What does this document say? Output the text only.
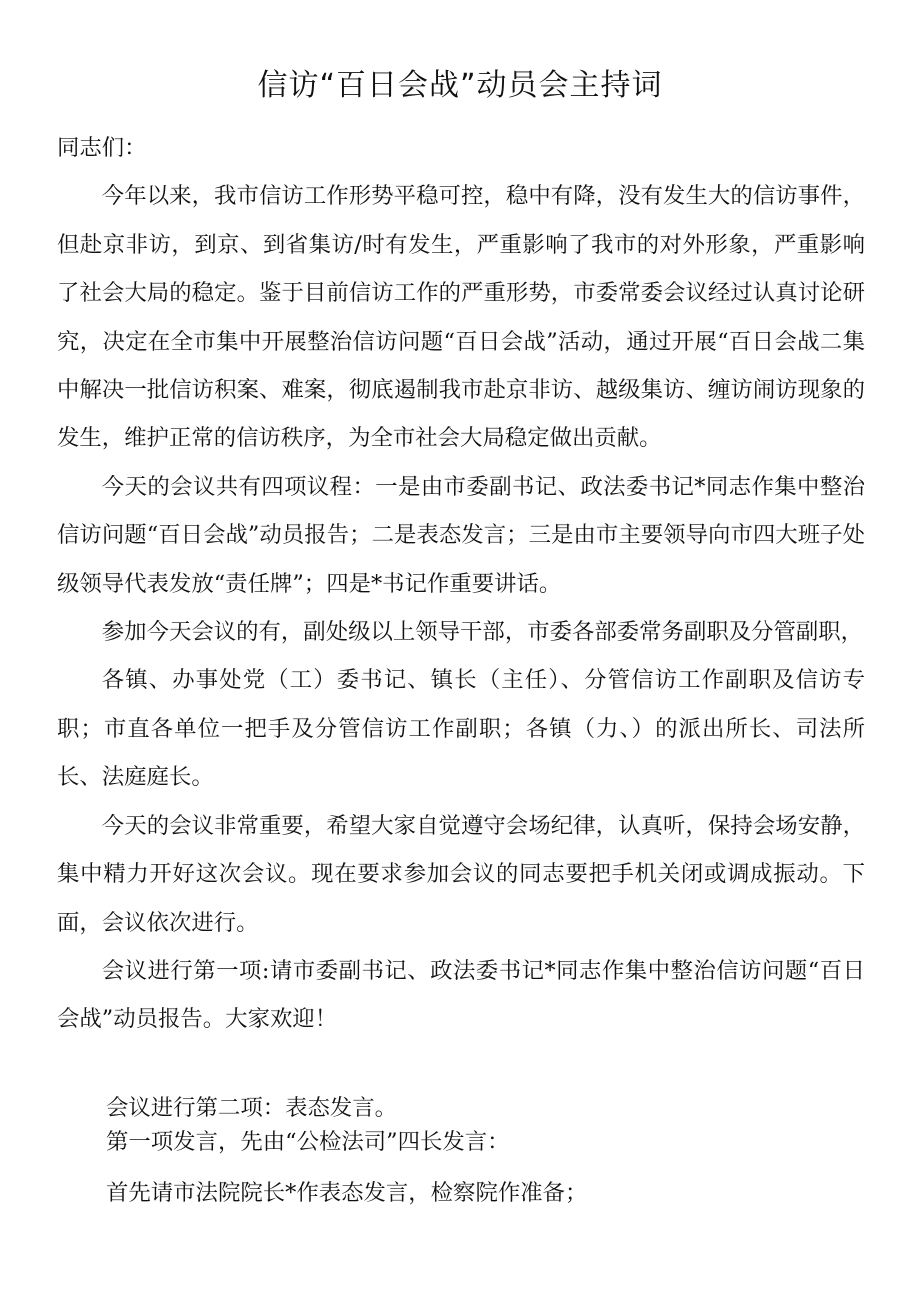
信访“百日会战”动员会主持词

同志们：

今年以来，我市信访工作形势平稳可控，稳中有降，没有发生大的信访事件，但赴京非访，到京、到省集访/时有发生，严重影响了我市的对外形象，严重影响了社会大局的稳定。鉴于目前信访工作的严重形势，市委常委会议经过认真讨论研究，决定在全市集中开展整治信访问题“百日会战”活动，通过开展“百日会战二集中解决一批信访积案、难案，彻底遏制我市赴京非访、越级集访、缠访闹访现象的发生，维护正常的信访秩序，为全市社会大局稳定做出贡献。

今天的会议共有四项议程：一是由市委副书记、政法委书记*同志作集中整治信访问题“百日会战”动员报告；二是表态发言；三是由市主要领导向市四大班子处级领导代表发放“责任牌”；四是*书记作重要讲话。

参加今天会议的有，副处级以上领导干部，市委各部委常务副职及分管副职，

各镇、办事处党（工）委书记、镇长（主任）、分管信访工作副职及信访专职；市直各单位一把手及分管信访工作副职；各镇（力、）的派出所长、司法所长、法庭庭长。

今天的会议非常重要，希望大家自觉遵守会场纪律，认真听，保持会场安静，集中精力开好这次会议。现在要求参加会议的同志要把手机关闭或调成振动。下面，会议依次进行。

会议进行第一项:请市委副书记、政法委书记*同志作集中整治信访问题“百日会战”动员报告。大家欢迎！

会议进行第二项：表态发言。

第一项发言，先由“公检法司”四长发言：

首先请市法院院长*作表态发言，检察院作准备；
